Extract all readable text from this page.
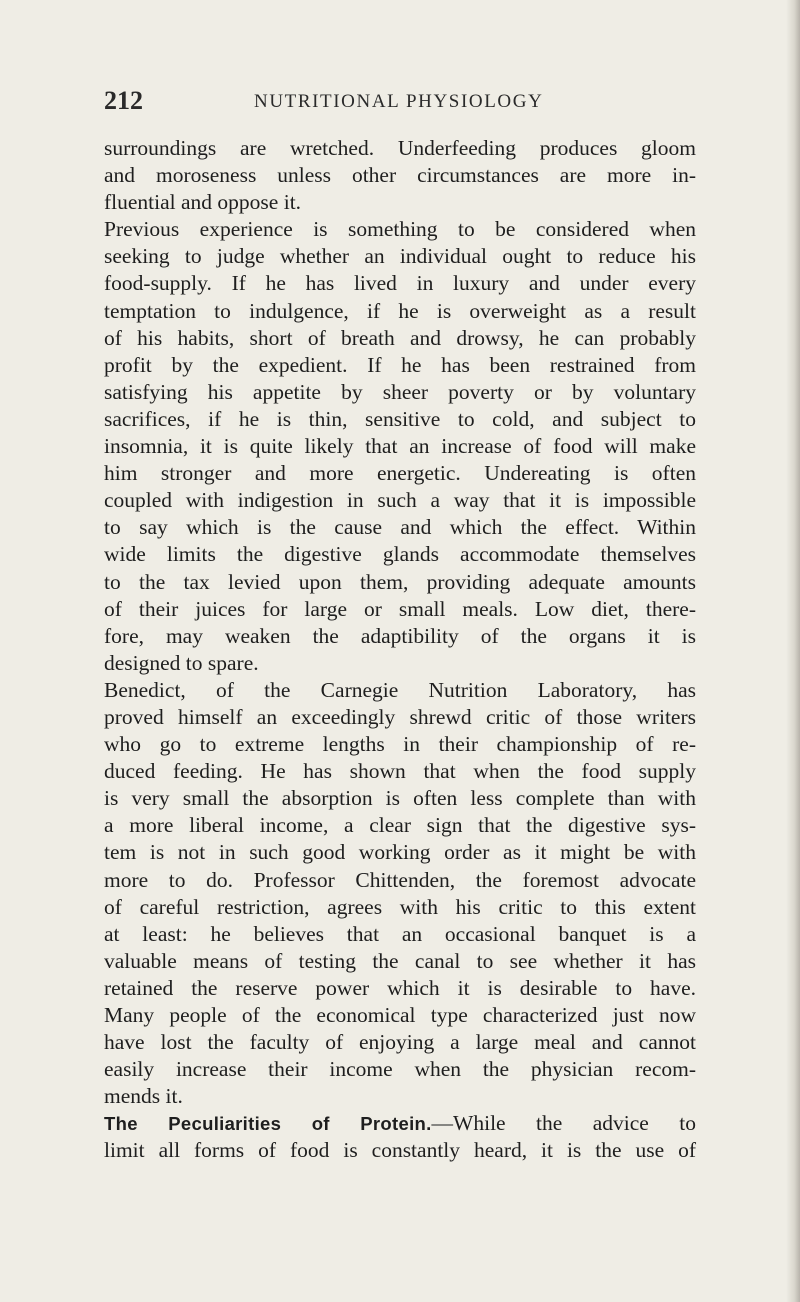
212	NUTRITIONAL PHYSIOLOGY
surroundings are wretched. Underfeeding produces gloom
and moroseness unless other circumstances are more in-
fluential and oppose it.
Previous experience is something to be considered when
seeking to judge whether an individual ought to reduce his
food-supply. If he has lived in luxury and under every
temptation to indulgence, if he is overweight as a result
of his habits, short of breath and drowsy, he can probably
profit by the expedient. If he has been restrained from
satisfying his appetite by sheer poverty or by voluntary
sacrifices, if he is thin, sensitive to cold, and subject to
insomnia, it is quite likely that an increase of food will make
him stronger and more energetic. Undereating is often
coupled with indigestion in such a way that it is impossible
to say which is the cause and which the effect. Within
wide limits the digestive glands accommodate themselves
to the tax levied upon them, providing adequate amounts
of their juices for large or small meals. Low diet, there-
fore, may weaken the adaptibility of the organs it is
designed to spare.
Benedict, of the Carnegie Nutrition Laboratory, has
proved himself an exceedingly shrewd critic of those writers
who go to extreme lengths in their championship of re-
duced feeding. He has shown that when the food supply
is very small the absorption is often less complete than with
a more liberal income, a clear sign that the digestive sys-
tem is not in such good working order as it might be with
more to do. Professor Chittenden, the foremost advocate
of careful restriction, agrees with his critic to this extent
at least: he believes that an occasional banquet is a
valuable means of testing the canal to see whether it has
retained the reserve power which it is desirable to have.
Many people of the economical type characterized just now
have lost the faculty of enjoying a large meal and cannot
easily increase their income when the physician recom-
mends it.
The Peculiarities of Protein.—While the advice to
limit all forms of food is constantly heard, it is the use of
